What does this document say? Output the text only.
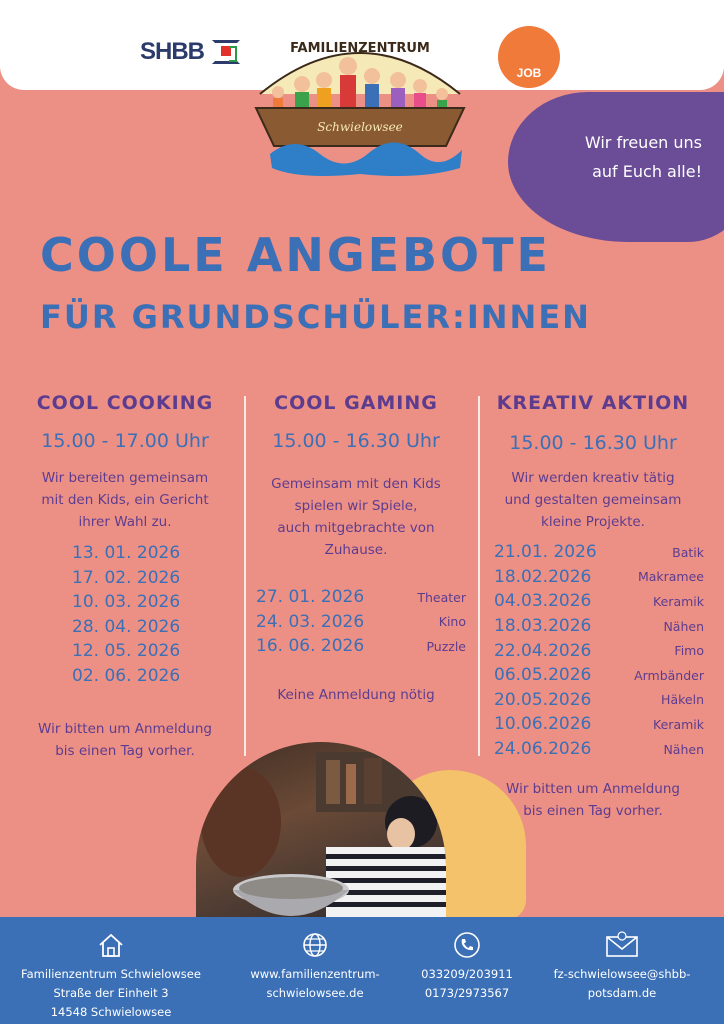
SHBB	FAMILIENZENTRUM
Schwielowsee
JOB
Wir freuen uns
auf Euch alle!
COOLE ANGEBOTE
FÜR GRUNDSCHÜLER:INNEN
COOL COOKING
15.00 - 17.00 Uhr
Wir bereiten gemeinsam
mit den Kids, ein Gericht
ihrer Wahl zu.
13. 01. 2026
17. 02. 2026
10. 03. 2026
28. 04. 2026
12. 05. 2026
02. 06. 2026
Wir bitten um Anmeldung
bis einen Tag vorher.
COOL GAMING
15.00 - 16.30 Uhr
Gemeinsam mit den Kids
spielen wir Spiele,
auch mitgebrachte von
Zuhause.
27. 01. 2026	Theater
24. 03. 2026	Kino
16. 06. 2026	Puzzle
Keine Anmeldung nötig
KREATIV AKTION
15.00 - 16.30 Uhr
Wir werden kreativ tätig
und gestalten gemeinsam
kleine Projekte.
21.01. 2026	Batik
18.02.2026	Makramee
04.03.2026	Keramik
18.03.2026	Nähen
22.04.2026	Fimo
06.05.2026	Armbänder
20.05.2026	Häkeln
10.06.2026	Keramik
24.06.2026	Nähen
Wir bitten um Anmeldung
bis einen Tag vorher.
Familienzentrum Schwielowsee
Straße der Einheit 3
14548 Schwielowsee
www.familienzentrum-
schwielowsee.de
033209/203911
0173/2973567
fz-schwielowsee@shbb-
potsdam.de
